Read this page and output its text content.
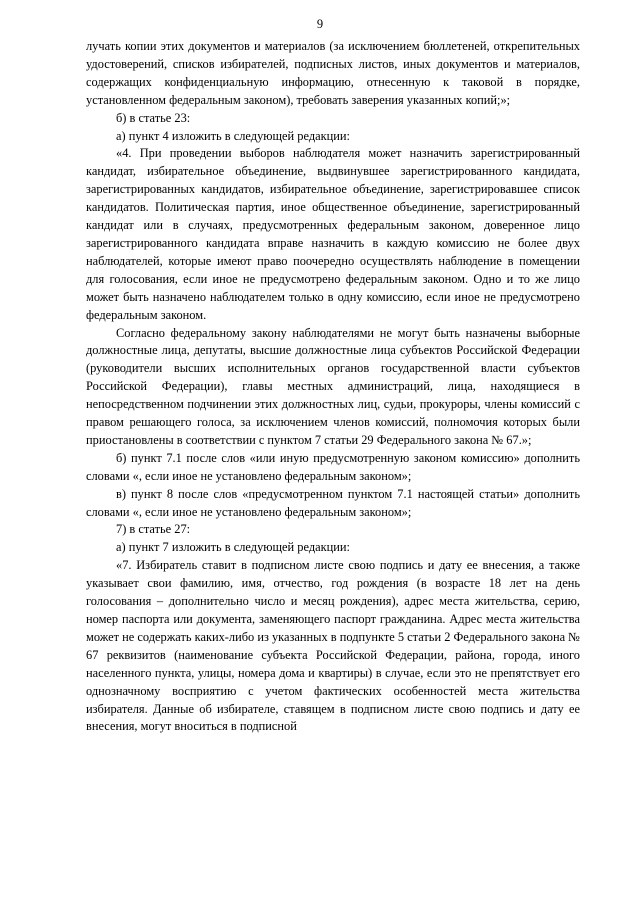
9

лучать копии этих документов и материалов (за исключением бюллетеней, открепительных удостоверений, списков избирателей, подписных листов, иных документов и материалов, содержащих конфиденциальную информацию, отнесенную к таковой в порядке, установленном федеральным законом), требовать заверения указанных копий;»;

б) в статье 23:

а) пункт 4 изложить в следующей редакции:

«4. При проведении выборов наблюдателя может назначить зарегистрированный кандидат, избирательное объединение, выдвинувшее зарегистрированного кандидата, зарегистрированных кандидатов, избирательное объединение, зарегистрировавшее список кандидатов. Политическая партия, иное общественное объединение, зарегистрированный кандидат или в случаях, предусмотренных федеральным законом, доверенное лицо зарегистрированного кандидата вправе назначить в каждую комиссию не более двух наблюдателей, которые имеют право поочередно осуществлять наблюдение в помещении для голосования, если иное не предусмотрено федеральным законом. Одно и то же лицо может быть назначено наблюдателем только в одну комиссию, если иное не предусмотрено федеральным законом.

Согласно федеральному закону наблюдателями не могут быть назначены выборные должностные лица, депутаты, высшие должностные лица субъектов Российской Федерации (руководители высших исполнительных органов государственной власти субъектов Российской Федерации), главы местных администраций, лица, находящиеся в непосредственном подчинении этих должностных лиц, судьи, прокуроры, члены комиссий с правом решающего голоса, за исключением членов комиссий, полномочия которых были приостановлены в соответствии с пунктом 7 статьи 29 Федерального закона № 67.»;

б) пункт 7.1 после слов «или иную предусмотренную законом комиссию» дополнить словами «, если иное не установлено федеральным законом»;

в) пункт 8 после слов «предусмотренном пунктом 7.1 настоящей статьи» дополнить словами «, если иное не установлено федеральным законом»;

7) в статье 27:

а) пункт 7 изложить в следующей редакции:

«7. Избиратель ставит в подписном листе свою подпись и дату ее внесения, а также указывает свои фамилию, имя, отчество, год рождения (в возрасте 18 лет на день голосования – дополнительно число и месяц рождения), адрес места жительства, серию, номер паспорта или документа, заменяющего паспорт гражданина. Адрес места жительства может не содержать каких-либо из указанных в подпункте 5 статьи 2 Федерального закона № 67 реквизитов (наименование субъекта Российской Федерации, района, города, иного населенного пункта, улицы, номера дома и квартиры) в случае, если это не препятствует его однозначному восприятию с учетом фактических особенностей места жительства избирателя. Данные об избирателе, ставящем в подписном листе свою подпись и дату ее внесения, могут вноситься в подписной
